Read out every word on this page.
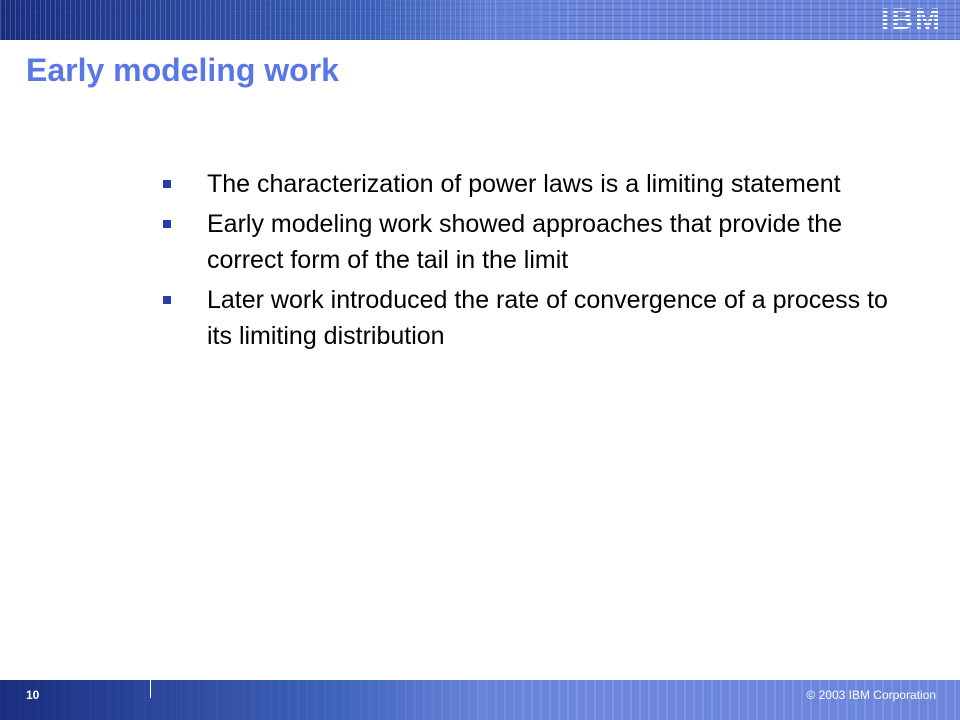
IBM
Early modeling work
The characterization of power laws is a limiting statement
Early modeling work showed approaches that provide the correct form of the tail in the limit
Later work introduced the rate of convergence of a process to its limiting distribution
10	© 2003 IBM Corporation
